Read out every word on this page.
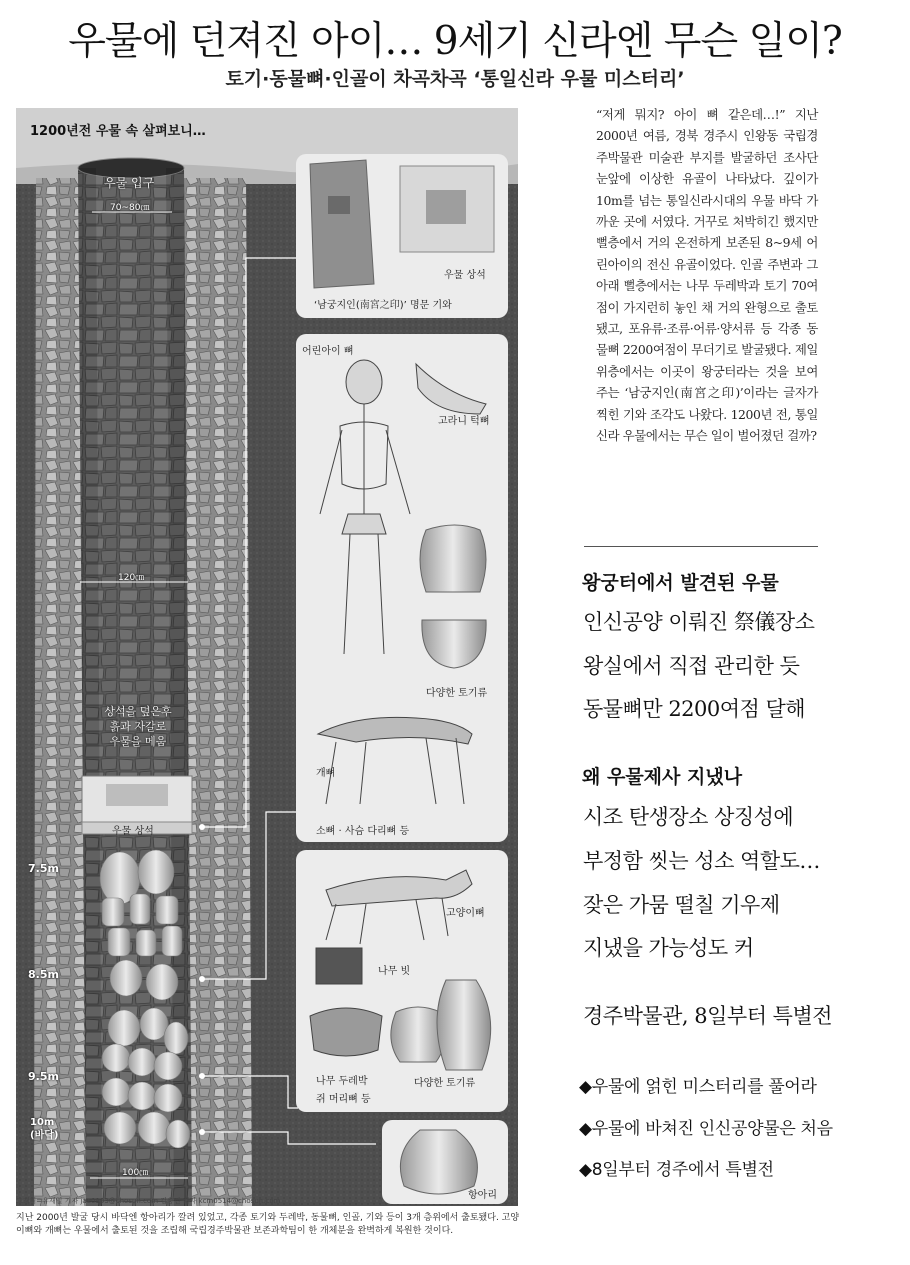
우물에 던져진 아이… 9세기 신라엔 무슨 일이?
토기·동물뼈·인골이 차곡차곡 ‘통일신라 우물 미스터리’
1200년전 우물 속 살펴보니…
우물 입구
70~80㎝
120㎝
100㎝
상석을 덮은후
흙과 자갈로
우물을 메움
우물 상석
7.5m
8.5m
9.5m
10m
(바닥)
‘남궁지인(南宮之印)’ 명문 기와
우물 상석
어린아이 뼈
고라니 턱뼈
다양한 토기류
개뼈
소뼈 · 사슴 다리뼈 등
고양이뼈
나무 빗
나무 두레박
쥐 머리뼈 등
다양한 토기류
항아리
그래픽=유재일 기자 jae0903@chosun.com 김충민 기자 kcm0514@chosun.com
지난 2000년 발굴 당시 바닥엔 항아리가 깔려 있었고, 각종 토기와 두레박, 동물뼈, 인골, 기와 등이 3개 층위에서 출토됐다. 고양이뼈와 개뼈는 우물에서 출토된 것을 조립해 국립경주박물관 보존과학팀이 한 개체분을 완벽하게 복원한 것이다.
“저게 뭐지? 아이 뼈 같은데…!” 지난 2000년 여름, 경북 경주시 인왕동 국립경주박물관 미술관 부지를 발굴하던 조사단 눈앞에 이상한 유골이 나타났다. 깊이가 10m를 넘는 통일신라시대의 우물 바닥 가까운 곳에 서였다. 거꾸로 처박히긴 했지만 뻘층에서 거의 온전하게 보존된 8~9세 어린아이의 전신 유골이었다. 인골 주변과 그 아래 뻘층에서는 나무 두레박과 토기 70여점이 가지런히 놓인 채 거의 완형으로 출토됐고, 포유류·조류·어류·양서류 등 각종 동물뼈 2200여점이 무더기로 발굴됐다. 제일 위층에서는 이곳이 왕궁터라는 것을 보여주는 ‘남궁지인(南宮之印)’이라는 글자가 찍힌 기와 조각도 나왔다. 1200년 전, 통일신라 우물에서는 무슨 일이 벌어졌던 걸까?
왕궁터에서 발견된 우물
인신공양 이뤄진 祭儀장소
왕실에서 직접 관리한 듯
동물뼈만 2200여점 달해
왜 우물제사 지냈나
시조 탄생장소 상징성에
부정함 씻는 성소 역할도…
잦은 가뭄 떨칠 기우제
지냈을 가능성도 커
경주박물관, 8일부터 특별전
◆우물에 얽힌 미스터리를 풀어라
◆우물에 바쳐진 인신공양물은 처음
◆8일부터 경주에서 특별전
